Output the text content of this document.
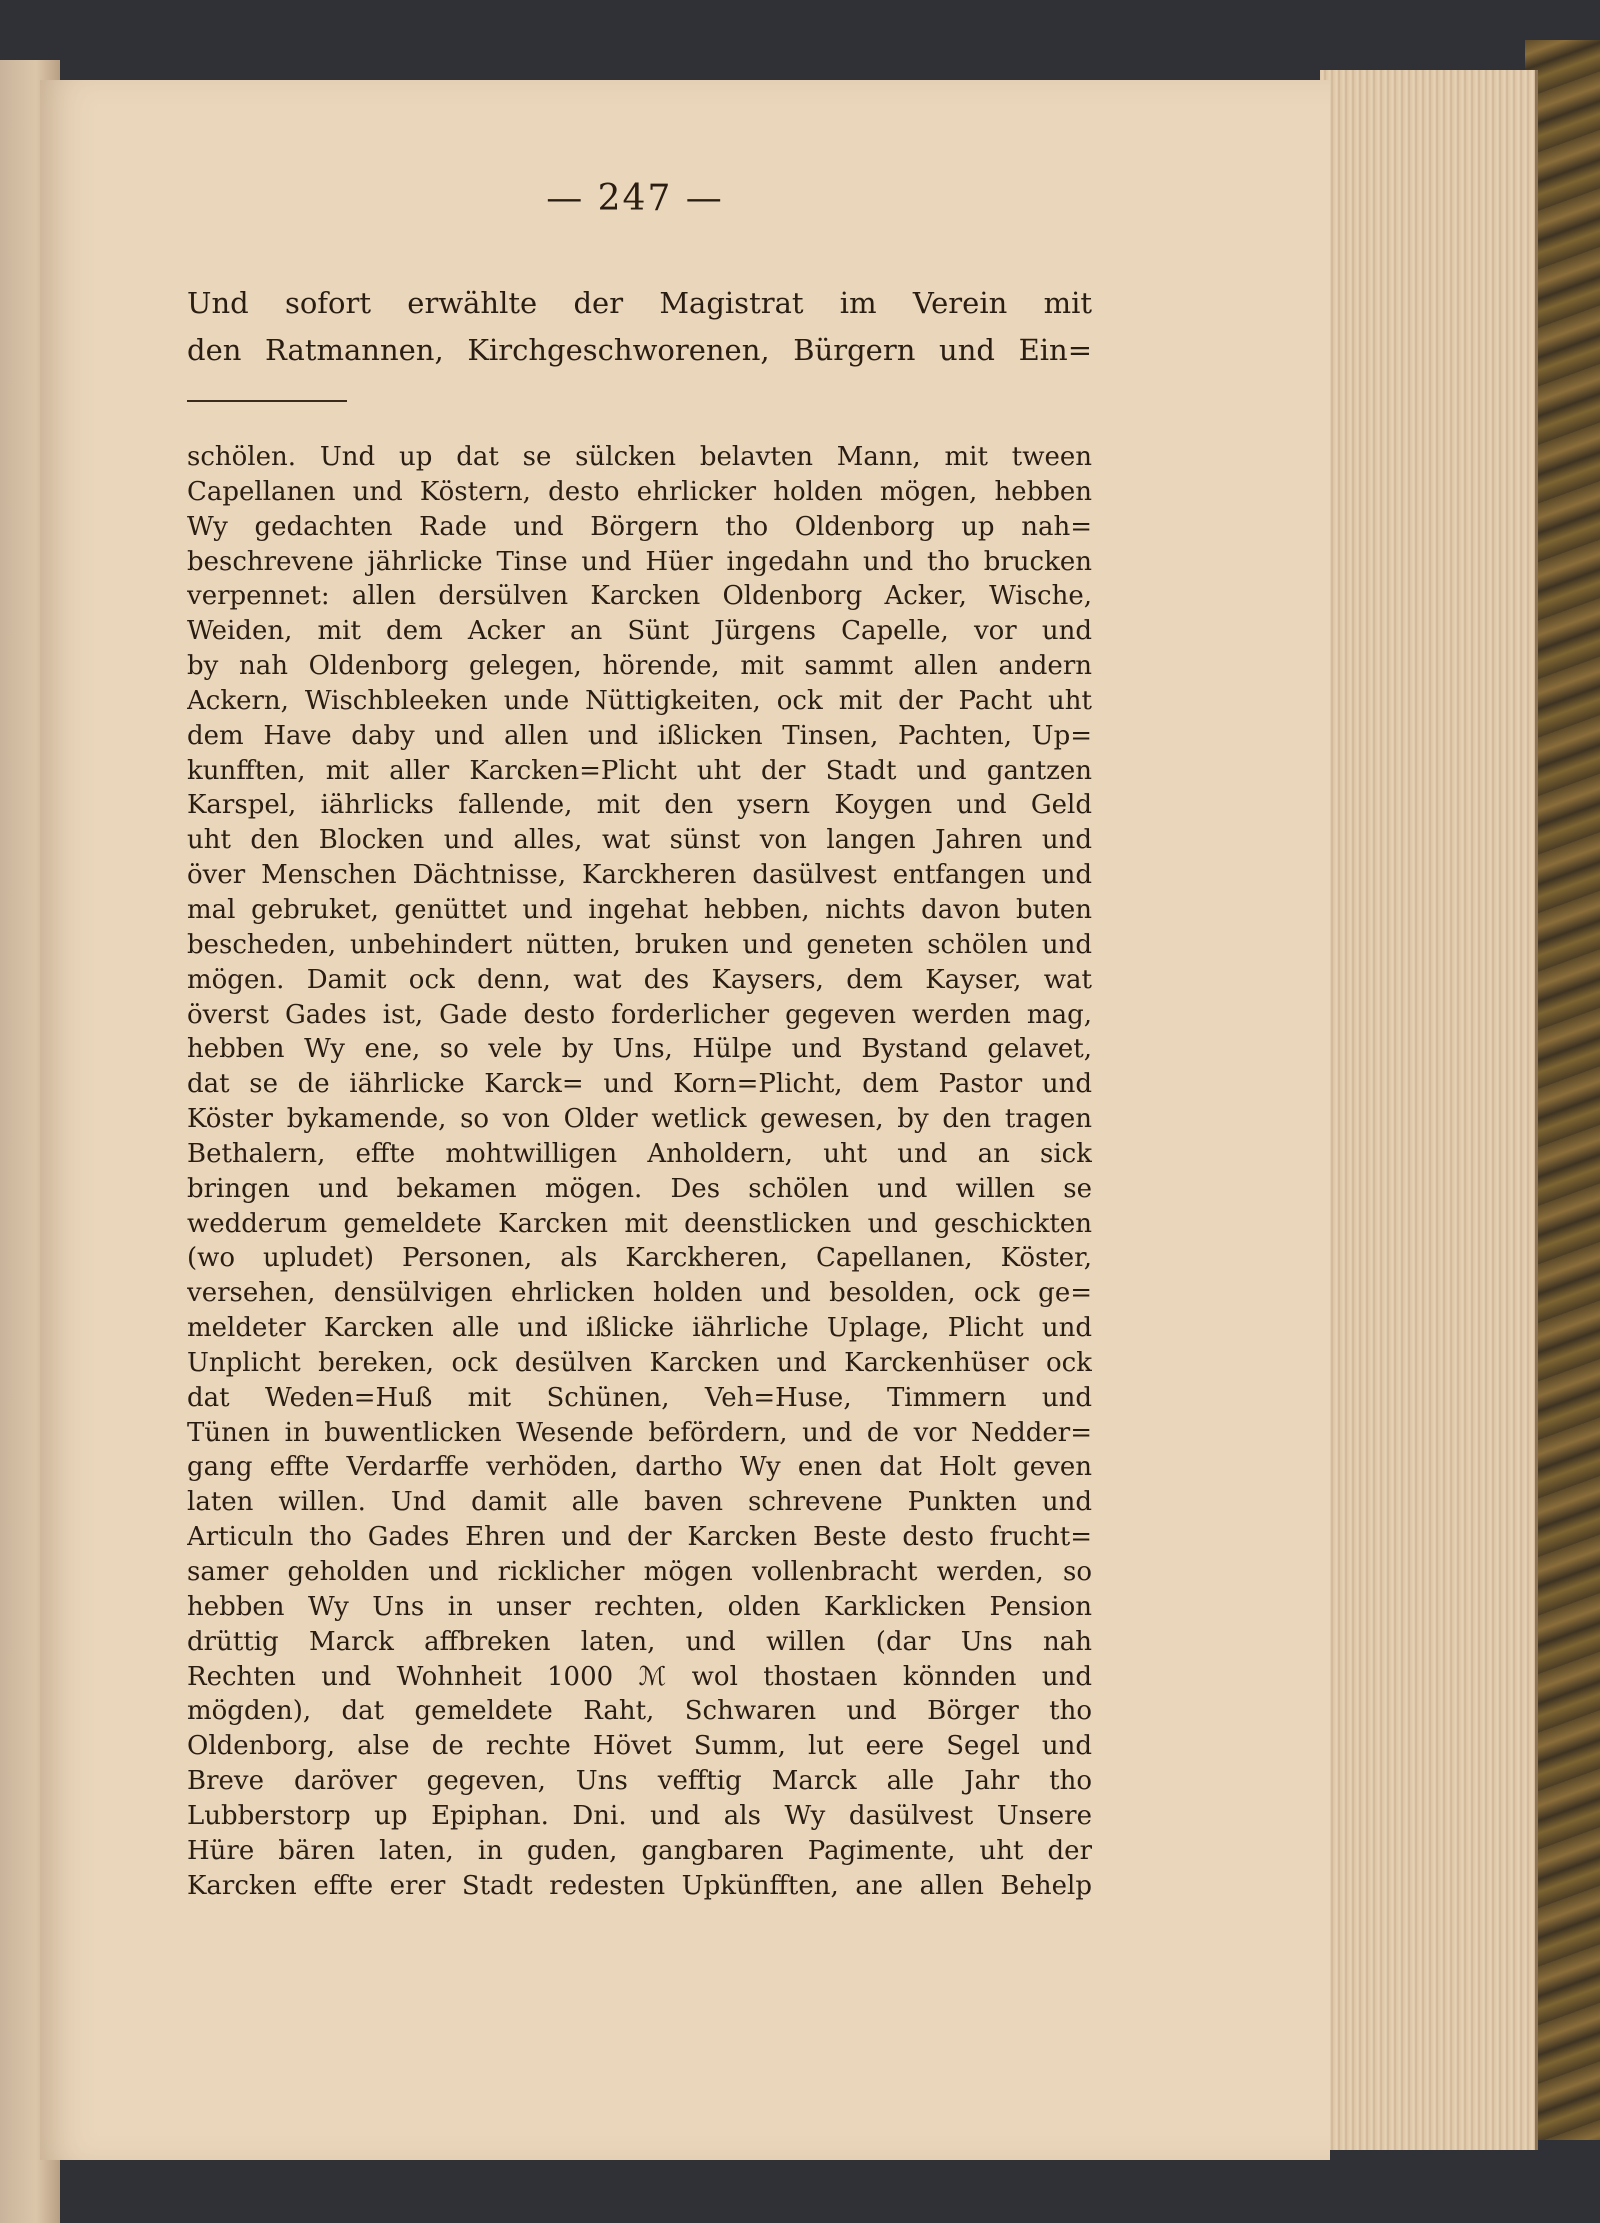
— 247 —
Und sofort erwählte der Magistrat im Verein mit
den Ratmannen, Kirchgeschworenen, Bürgern und Ein=
schölen. Und up dat se sülcken belavten Mann, mit tween
Capellanen und Köstern, desto ehrlicker holden mögen, hebben
Wy gedachten Rade und Börgern tho Oldenborg up nah=
beschrevene jährlicke Tinse und Hüer ingedahn und tho brucken
verpennet: allen dersülven Karcken Oldenborg Acker, Wische,
Weiden, mit dem Acker an Sünt Jürgens Capelle, vor und
by nah Oldenborg gelegen, hörende, mit sammt allen andern
Ackern, Wischbleeken unde Nüttigkeiten, ock mit der Pacht uht
dem Have daby und allen und ißlicken Tinsen, Pachten, Up=
kunfften, mit aller Karcken=Plicht uht der Stadt und gantzen
Karspel, iährlicks fallende, mit den ysern Koygen und Geld
uht den Blocken und alles, wat sünst von langen Jahren und
över Menschen Dächtnisse, Karckheren dasülvest entfangen und
mal gebruket, genüttet und ingehat hebben, nichts davon buten
bescheden, unbehindert nütten, bruken und geneten schölen und
mögen. Damit ock denn, wat des Kaysers, dem Kayser, wat
överst Gades ist, Gade desto forderlicher gegeven werden mag,
hebben Wy ene, so vele by Uns, Hülpe und Bystand gelavet,
dat se de iährlicke Karck= und Korn=Plicht, dem Pastor und
Köster bykamende, so von Older wetlick gewesen, by den tragen
Bethalern, effte mohtwilligen Anholdern, uht und an sick
bringen und bekamen mögen. Des schölen und willen se
wedderum gemeldete Karcken mit deenstlicken und geschickten
(wo upludet) Personen, als Karckheren, Capellanen, Köster,
versehen, densülvigen ehrlicken holden und besolden, ock ge=
meldeter Karcken alle und ißlicke iährliche Uplage, Plicht und
Unplicht bereken, ock desülven Karcken und Karckenhüser ock
dat Weden=Huß mit Schünen, Veh=Huse, Timmern und
Tünen in buwentlicken Wesende befördern, und de vor Nedder=
gang effte Verdarffe verhöden, dartho Wy enen dat Holt geven
laten willen. Und damit alle baven schrevene Punkten und
Articuln tho Gades Ehren und der Karcken Beste desto frucht=
samer geholden und ricklicher mögen vollenbracht werden, so
hebben Wy Uns in unser rechten, olden Karklicken Pension
drüttig Marck affbreken laten, und willen (dar Uns nah
Rechten und Wohnheit 1000 ℳ wol thostaen könnden und
mögden), dat gemeldete Raht, Schwaren und Börger tho
Oldenborg, alse de rechte Hövet Summ, lut eere Segel und
Breve daröver gegeven, Uns vefftig Marck alle Jahr tho
Lubberstorp up Epiphan. Dni. und als Wy dasülvest Unsere
Hüre bären laten, in guden, gangbaren Pagimente, uht der
Karcken effte erer Stadt redesten Upkünfften, ane allen Behelp
